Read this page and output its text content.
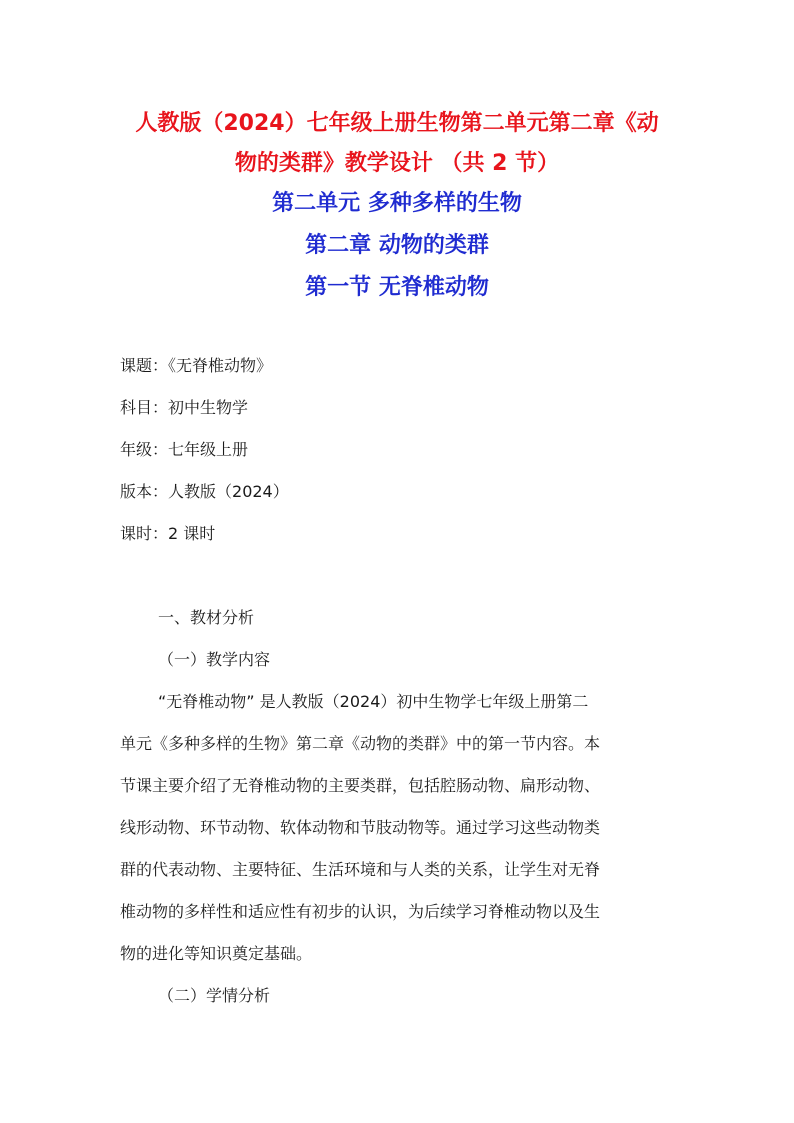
人教版（2024）七年级上册生物第二单元第二章《动
物的类群》教学设计 （共 2 节）
第二单元 多种多样的生物
第二章 动物的类群
第一节 无脊椎动物
课题：《无脊椎动物》
科目：初中生物学
年级：七年级上册
版本：人教版（2024）
课时：2 课时
一、教材分析
（一）教学内容
“无脊椎动物” 是人教版（2024）初中生物学七年级上册第二
单元《多种多样的生物》第二章《动物的类群》中的第一节内容。本
节课主要介绍了无脊椎动物的主要类群，包括腔肠动物、扁形动物、
线形动物、环节动物、软体动物和节肢动物等。通过学习这些动物类
群的代表动物、主要特征、生活环境和与人类的关系，让学生对无脊
椎动物的多样性和适应性有初步的认识，为后续学习脊椎动物以及生
物的进化等知识奠定基础。
（二）学情分析
